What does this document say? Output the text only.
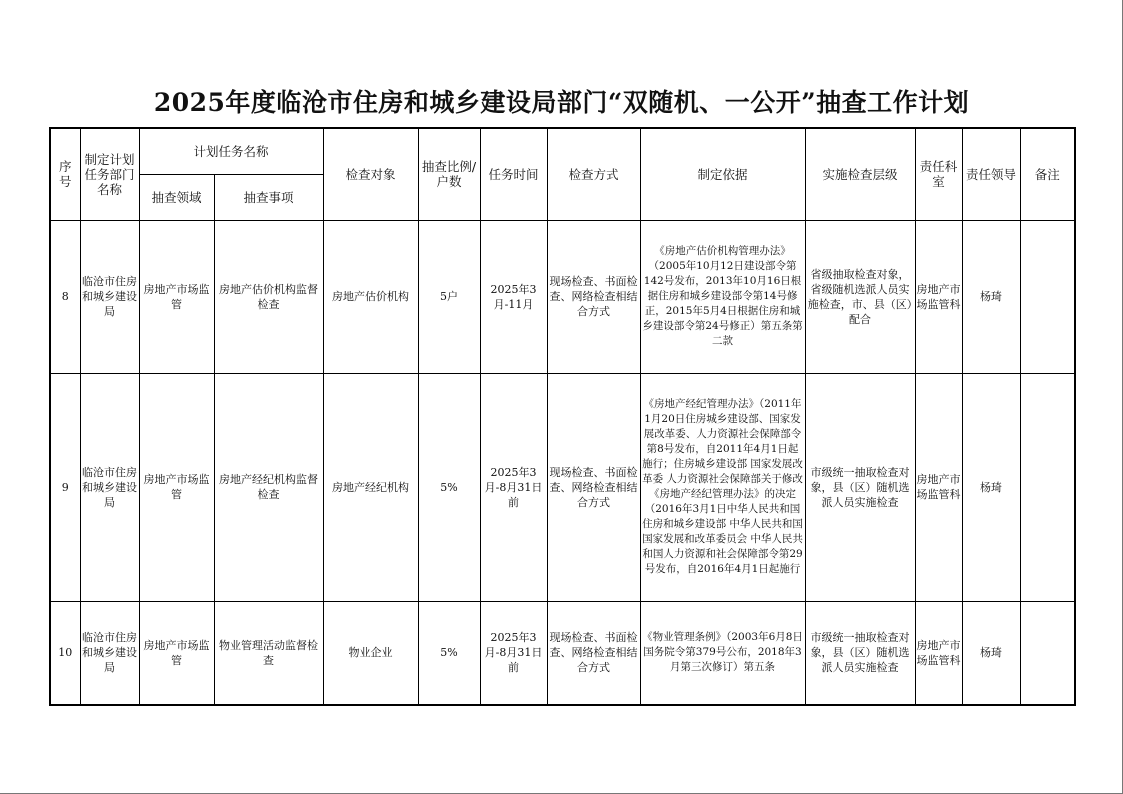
2025年度临沧市住房和城乡建设局部门“双随机、一公开”抽查工作计划
序号	制定计划任务部门名称	计划任务名称		检查对象	抽查比例/户数	任务时间	检查方式	制定依据	实施检查层级	责任科室	责任领导	备注
		抽查领域	抽查事项									
8	临沧市住房和城乡建设局	房地产市场监管	房地产估价机构监督检查	房地产估价机构	5户	2025年3月-11月	现场检查、书面检查、网络检查相结合方式	《房地产估价机构管理办法》（2005年10月12日建设部令第142号发布，2013年10月16日根据住房和城乡建设部令第14号修正，2015年5月4日根据住房和城乡建设部令第24号修正）第五条第二款	省级抽取检查对象，省级随机选派人员实施检查，市、县（区）配合	房地产市场监管科	杨琦	
9	临沧市住房和城乡建设局	房地产市场监管	房地产经纪机构监督检查	房地产经纪机构	5%	2025年3月-8月31日前	现场检查、书面检查、网络检查相结合方式	《房地产经纪管理办法》（2011年1月20日住房城乡建设部、国家发展改革委、人力资源社会保障部令第8号发布，自2011年4月1日起施行；住房城乡建设部 国家发展改革委 人力资源社会保障部关于修改《房地产经纪管理办法》的决定（2016年3月1日中华人民共和国住房和城乡建设部 中华人民共和国国家发展和改革委员会 中华人民共和国人力资源和社会保障部令第29号发布，自2016年4月1日起施行	市级统一抽取检查对象，县（区）随机选派人员实施检查	房地产市场监管科	杨琦	
10	临沧市住房和城乡建设局	房地产市场监管	物业管理活动监督检查	物业企业	5%	2025年3月-8月31日前	现场检查、书面检查、网络检查相结合方式	《物业管理条例》（2003年6月8日国务院令第379号公布，2018年3月第三次修订）第五条	市级统一抽取检查对象，县（区）随机选派人员实施检查	房地产市场监管科	杨琦	
